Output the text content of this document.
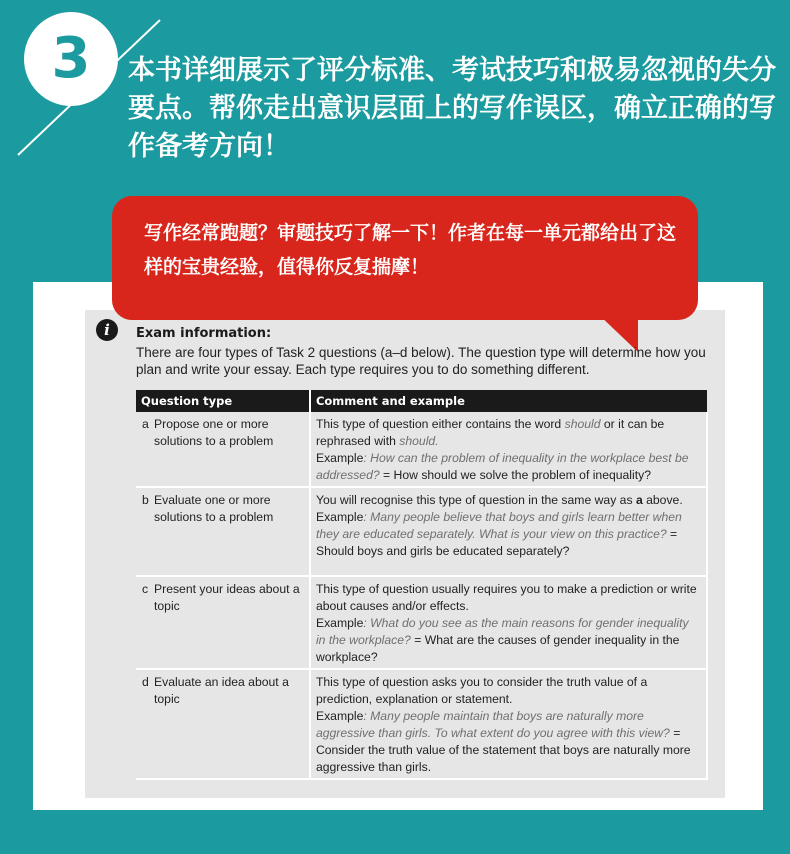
3	本书详细展示了评分标准、考试技巧和极易忽视的失分要点。帮你走出意识层面上的写作误区，确立正确的写作备考方向！

写作经常跑题？审题技巧了解一下！作者在每一单元都给出了这样的宝贵经验，值得你反复揣摩！

i	Exam information:

There are four types of Task 2 questions (a–d below). The question type will determine how you plan and write your essay. Each type requires you to do something different.

Question type	Comment and example
a Propose one or more solutions to a problem	This type of question either contains the word should or it can be rephrased with should.
Example: How can the problem of inequality in the workplace best be addressed? = How should we solve the problem of inequality?
b Evaluate one or more solutions to a problem	You will recognise this type of question in the same way as a above.
Example: Many people believe that boys and girls learn better when they are educated separately. What is your view on this practice? = Should boys and girls be educated separately?
c Present your ideas about a topic	This type of question usually requires you to make a prediction or write about causes and/or effects.
Example: What do you see as the main reasons for gender inequality in the workplace? = What are the causes of gender inequality in the workplace?
d Evaluate an idea about a topic	This type of question asks you to consider the truth value of a prediction, explanation or statement.
Example: Many people maintain that boys are naturally more aggressive than girls. To what extent do you agree with this view? = Consider the truth value of the statement that boys are naturally more aggressive than girls.
